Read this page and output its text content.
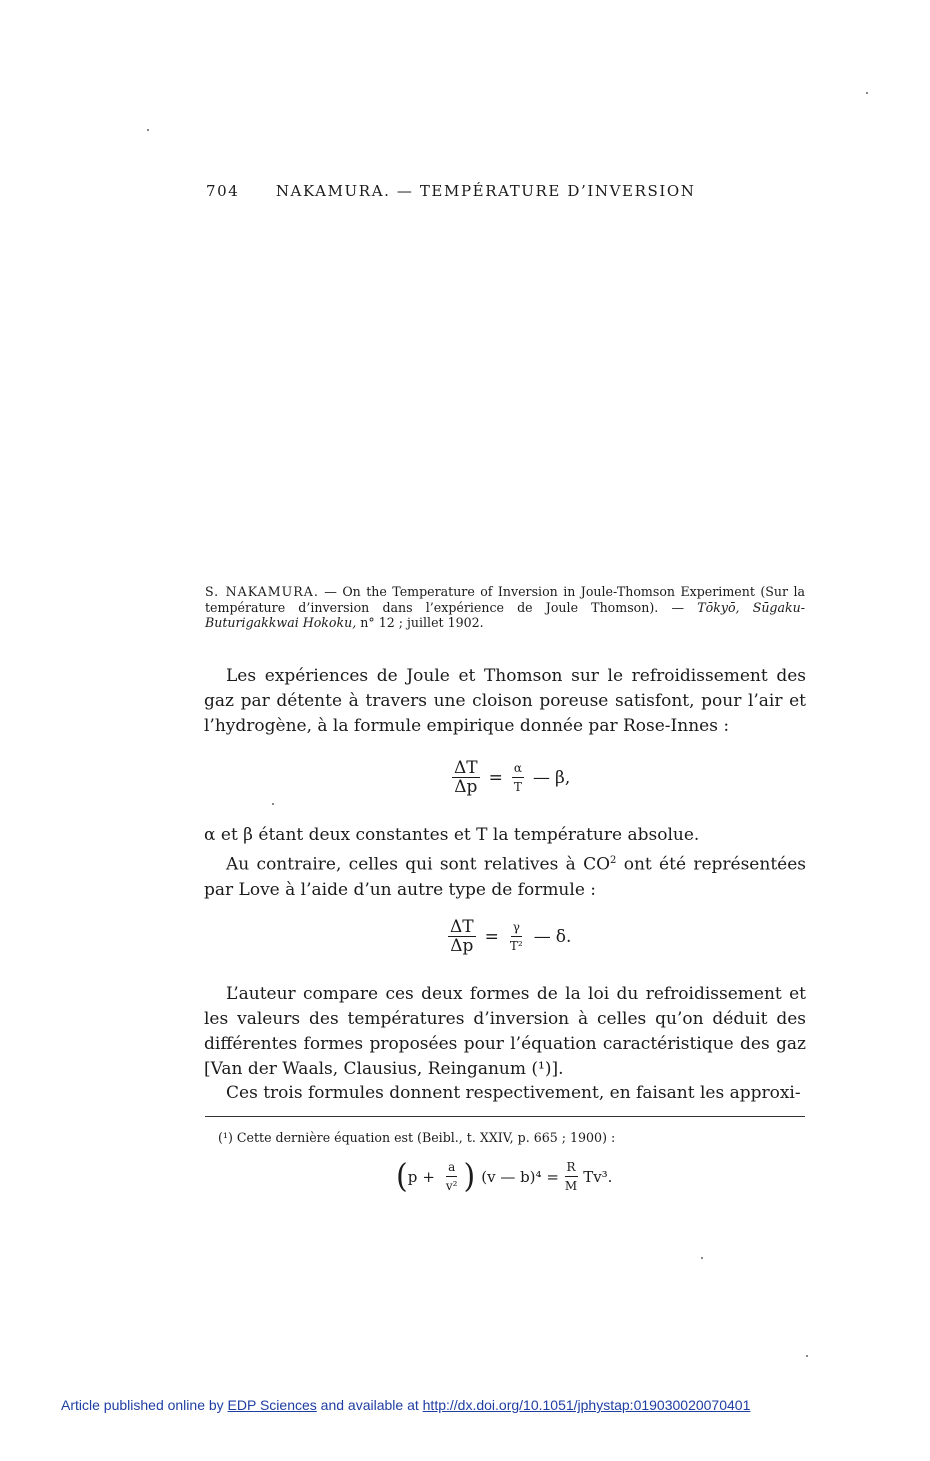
704 NAKAMURA. — TEMPÉRATURE D’INVERSION
S. NAKAMURA. — On the Temperature of Inversion in Joule-Thomson Experiment (Sur la température d’inversion dans l’expérience de Joule Thomson). — Tōkyō, Sūgaku-Buturigakkwai Hokoku, n° 12 ; juillet 1902.
Les expériences de Joule et Thomson sur le refroidissement des gaz par détente à travers une cloison poreuse satisfont, pour l’air et l’hydrogène, à la formule empirique donnée par Rose-Innes :
$\frac{\Delta T}{\Delta p} = \frac{\alpha}{T}$ — β,
α et β étant deux constantes et T la température absolue.
Au contraire, celles qui sont relatives à $CO^2$ ont été représentées par Love à l’aide d’un autre type de formule :
$\frac{\Delta T}{\Delta p} = \frac{\gamma}{\text{T²}}$ — δ.
L’auteur compare ces deux formes de la loi du refroidissement et les valeurs des températures d’inversion à celles qu’on déduit des différentes formes proposées pour l’équation caractéristique des gaz [Van der Waals, Clausius, Reinganum (¹)].
Ces trois formules donnent respectivement, en faisant les approxi-
(¹) Cette dernière équation est (Beibl., t. XXIV, p. 665 ; 1900) :
( $p + \frac{a}{\text{v²}}$ ) (v — $b)^4 = \frac{R}{M} Tv^3$.
Article published online by EDP Sciences and available at http://dx.doi.org/10.1051/jphystap:019030020070401
